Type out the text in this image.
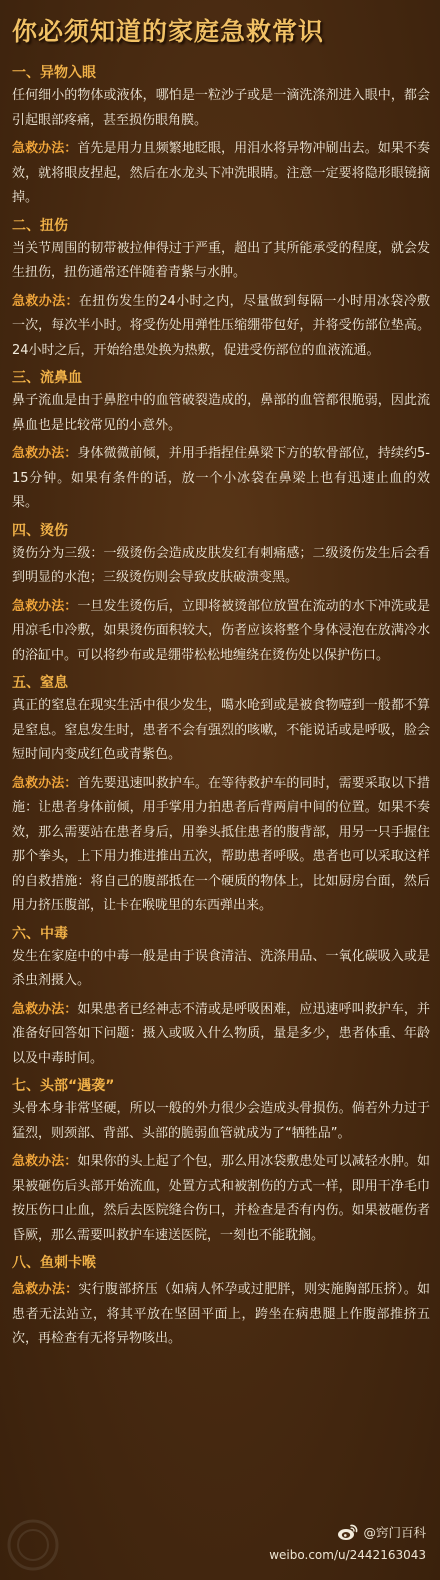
你必须知道的家庭急救常识
一、异物入眼

任何细小的物体或液体，哪怕是一粒沙子或是一滴洗涤剂进入眼中，都会引起眼部疼痛，甚至损伤眼角膜。

急救办法：首先是用力且频繁地眨眼，用泪水将异物冲刷出去。如果不奏效，就将眼皮捏起，然后在水龙头下冲洗眼睛。注意一定要将隐形眼镜摘掉。

二、扭伤

当关节周围的韧带被拉伸得过于严重，超出了其所能承受的程度，就会发生扭伤，扭伤通常还伴随着青紫与水肿。

急救办法：在扭伤发生的24小时之内，尽量做到每隔一小时用冰袋冷敷一次，每次半小时。将受伤处用弹性压缩绷带包好，并将受伤部位垫高。24小时之后，开始给患处换为热敷，促进受伤部位的血液流通。

三、流鼻血

鼻子流血是由于鼻腔中的血管破裂造成的，鼻部的血管都很脆弱，因此流鼻血也是比较常见的小意外。

急救办法：身体微微前倾，并用手指捏住鼻梁下方的软骨部位，持续约5-15分钟。如果有条件的话，放一个小冰袋在鼻梁上也有迅速止血的效果。

四、烫伤

烫伤分为三级：一级烫伤会造成皮肤发红有刺痛感；二级烫伤发生后会看到明显的水泡；三级烫伤则会导致皮肤破溃变黑。

急救办法：一旦发生烫伤后，立即将被烫部位放置在流动的水下冲洗或是用凉毛巾冷敷，如果烫伤面积较大，伤者应该将整个身体浸泡在放满冷水的浴缸中。可以将纱布或是绷带松松地缠绕在烫伤处以保护伤口。

五、窒息

真正的窒息在现实生活中很少发生，噶水呛到或是被食物噎到一般都不算是窒息。窒息发生时，患者不会有强烈的咳嗽，不能说话或是呼吸，脸会短时间内变成红色或青紫色。

急救办法：首先要迅速叫救护车。在等待救护车的同时，需要采取以下措施：让患者身体前倾，用手掌用力拍患者后背两肩中间的位置。如果不奏效，那么需要站在患者身后，用拳头抵住患者的腹背部，用另一只手握住那个拳头，上下用力推进推出五次，帮助患者呼吸。患者也可以采取这样的自救措施：将自己的腹部抵在一个硬质的物体上，比如厨房台面，然后用力挤压腹部，让卡在喉咙里的东西弹出来。

六、中毒

发生在家庭中的中毒一般是由于误食清洁、洗涤用品、一氧化碳吸入或是杀虫剂摄入。

急救办法：如果患者已经神志不清或是呼吸困难，应迅速呼叫救护车，并准备好回答如下问题：摄入或吸入什么物质，量是多少，患者体重、年龄以及中毒时间。

七、头部“遇袭”

头骨本身非常坚硬，所以一般的外力很少会造成头骨损伤。倘若外力过于猛烈，则颈部、背部、头部的脆弱血管就成为了“牺牲品”。

急救办法：如果你的头上起了个包，那么用冰袋敷患处可以减轻水肿。如果被砸伤后头部开始流血，处置方式和被割伤的方式一样，即用干净毛巾按压伤口止血，然后去医院缝合伤口，并检查是否有内伤。如果被砸伤者昏厥，那么需要叫救护车速送医院，一刻也不能耽搁。

八、鱼刺卡喉

急救办法：实行腹部挤压（如病人怀孕或过肥胖，则实施胸部压挤）。如患者无法站立，将其平放在坚固平面上，跨坐在病患腿上作腹部推挤五次，再检查有无将异物咳出。

@窍门百科
weibo.com/u/2442163043
